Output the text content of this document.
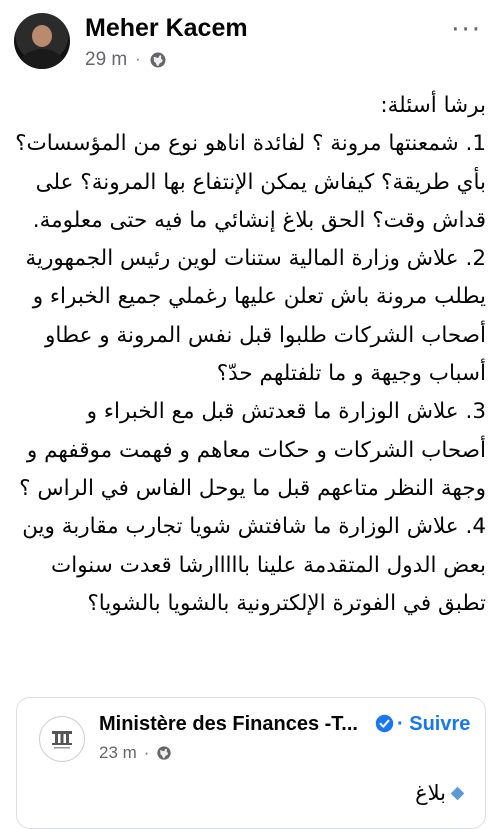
Meher Kacem
29 m ·
···
برشا أسئلة:
1. شمعنتها مرونة ؟ لفائدة اناهو نوع من المؤسسات؟
بأي طريقة؟ كيفاش يمكن الإنتفاع بها المرونة؟ على
قداش وقت؟ الحق بلاغ إنشائي ما فيه حتى معلومة.
2. علاش وزارة المالية ستنات لوين رئيس الجمهورية
يطلب مرونة باش تعلن عليها رغملي جميع الخبراء و
أصحاب الشركات طلبوا قبل نفس المرونة و عطاو
أسباب وجيهة و ما تلفتلهم حدّ؟
3. علاش الوزارة ما قعدتش قبل مع الخبراء و
أصحاب الشركات و حكات معاهم و فهمت موقفهم و
وجهة النظر متاعهم قبل ما يوحل الفاس في الراس ؟
4. علاش الوزارة ما شافتش شويا تجارب مقاربة وين
بعض الدول المتقدمة علينا بااااارشا قعدت سنوات
تطبق في الفوترة الإلكترونية بالشويا بالشويا؟
Ministère des Finances -T... · Suivre
23 m ·
بلاغ
